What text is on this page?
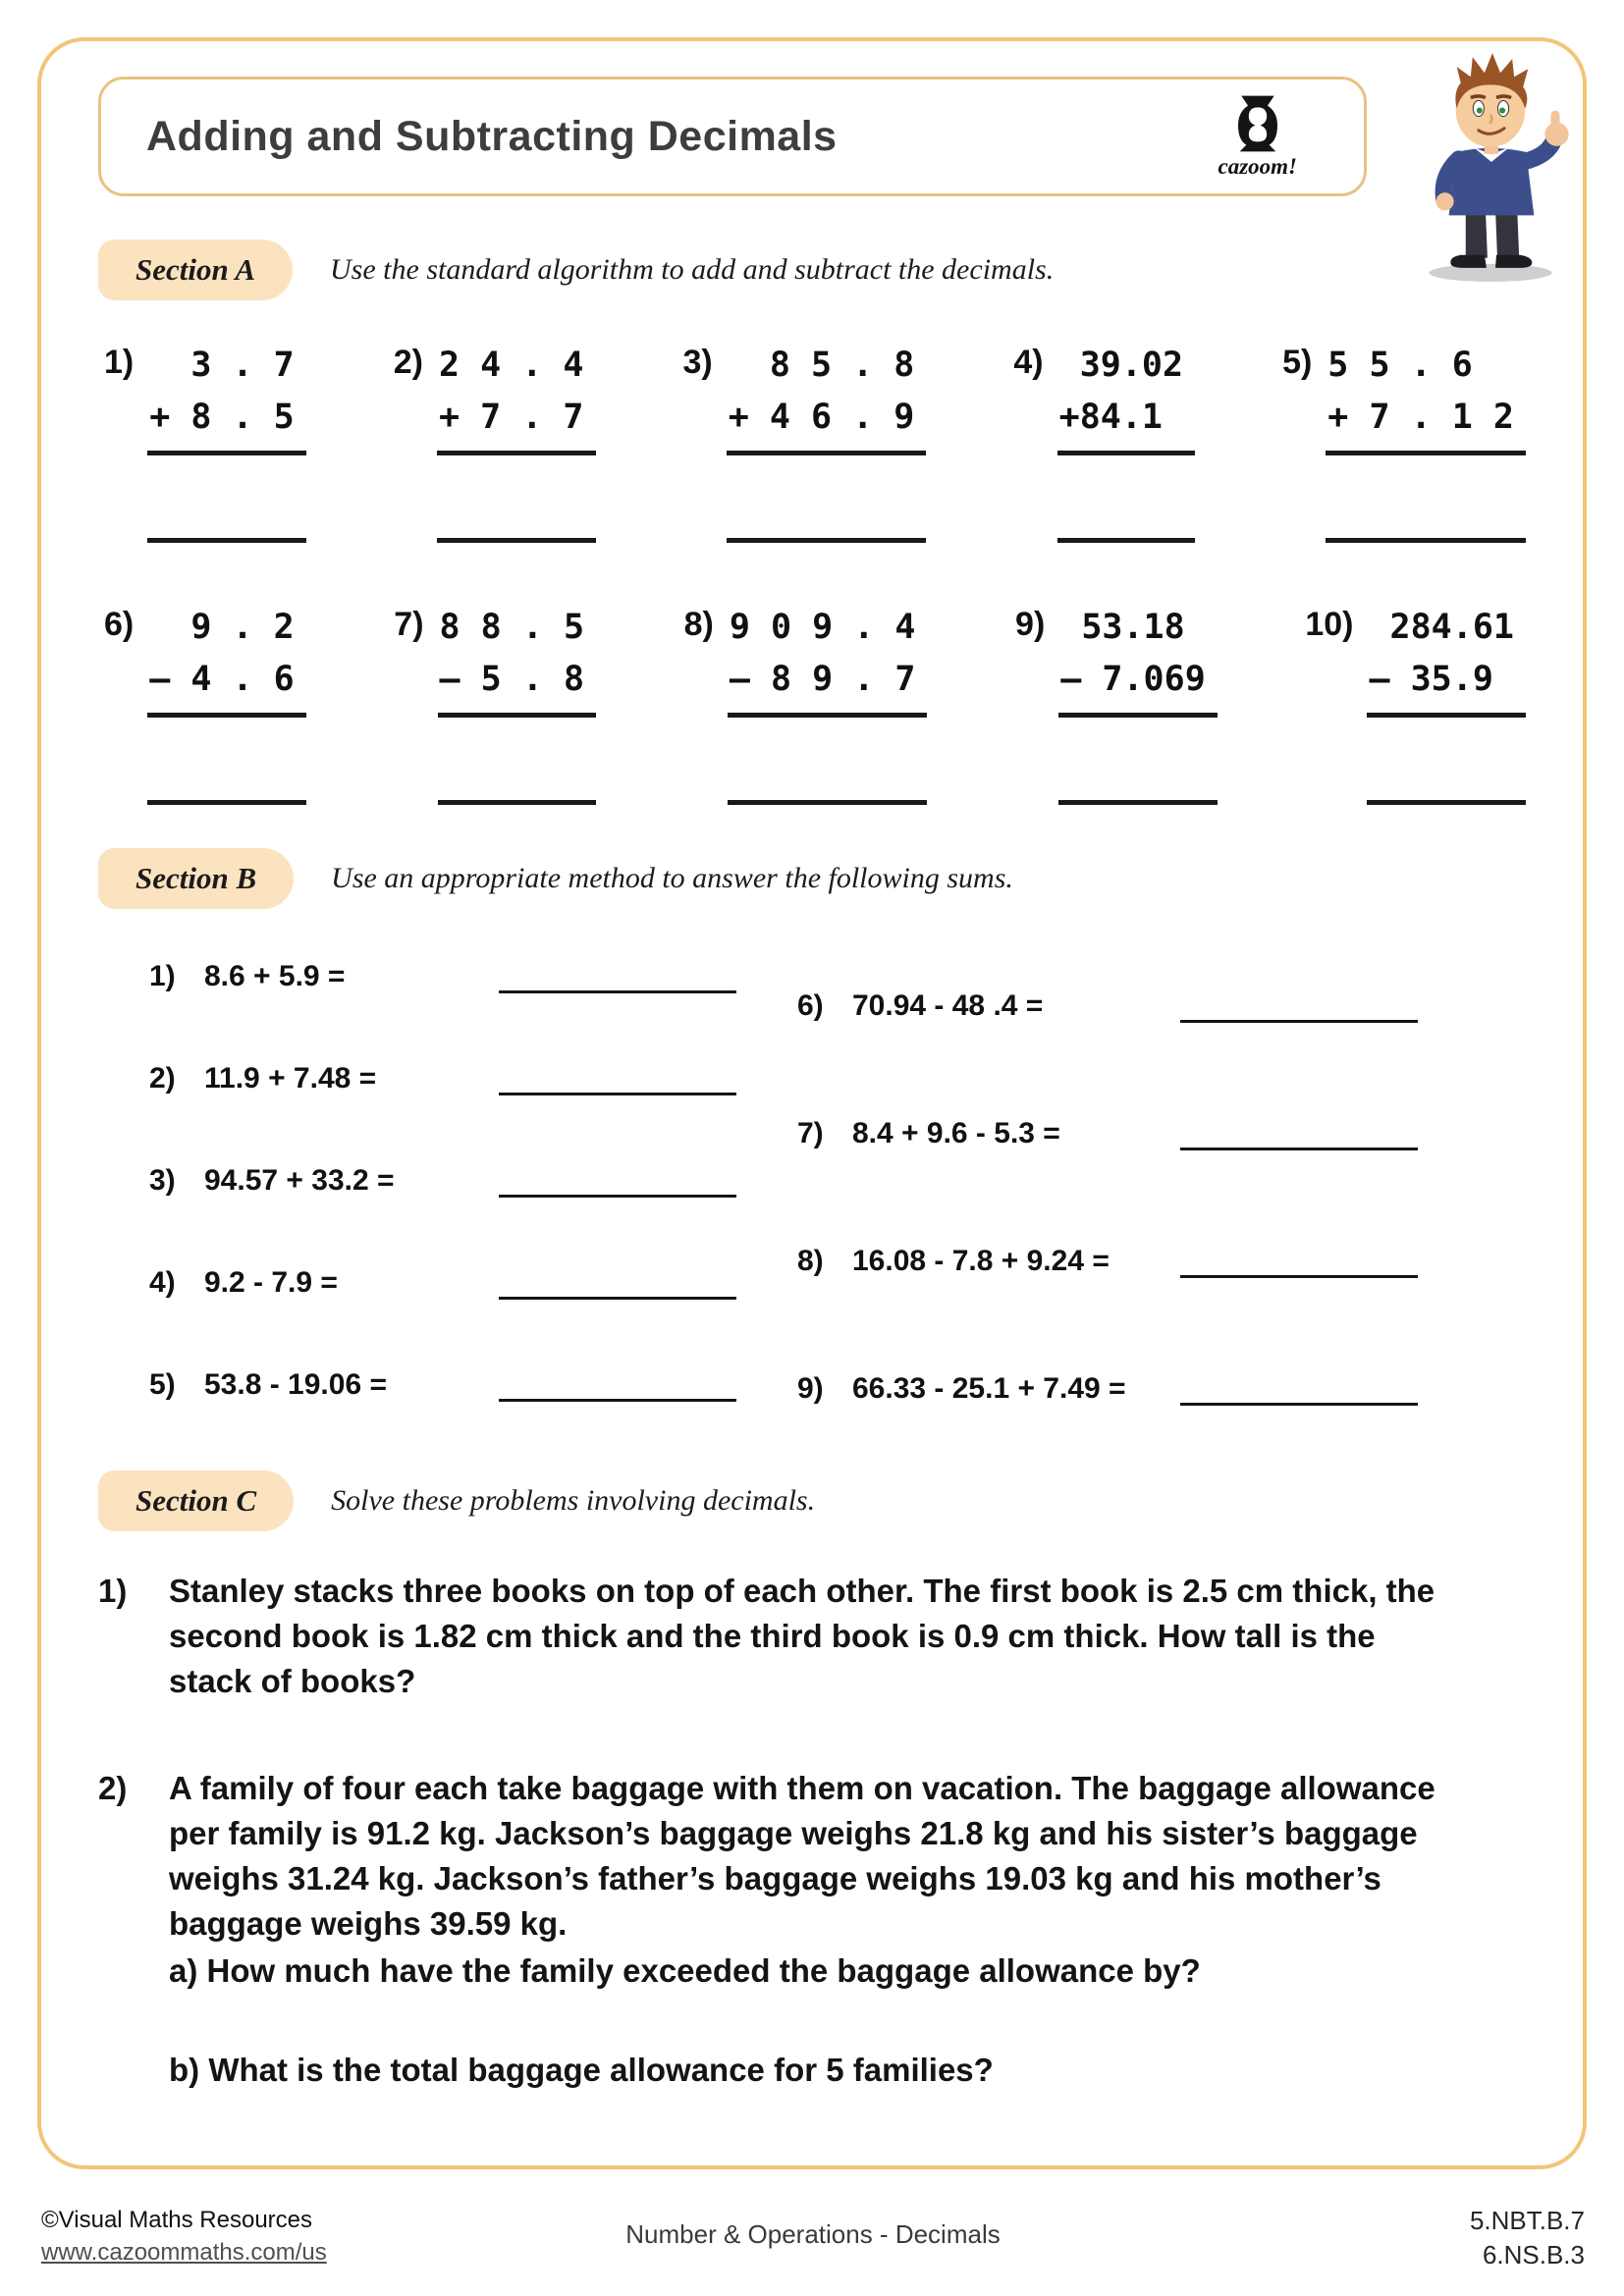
Adding and Subtracting Decimals
cazoom!
Section A	Use the standard algorithm to add and subtract the decimals.
1) 3 . 7
+ 8 . 5
2) 2 4 . 4
+ 7 . 7
3) 8 5 . 8
+ 4 6 . 9
4) 39.02
+84.1
5) 5 5 . 6
+ 7 . 1 2
6) 9 . 2
– 4 . 6
7) 8 8 . 5
– 5 . 8
8) 9 0 9 . 4
– 8 9 . 7
9) 53.18
– 7.069
10) 284.61
– 35.9
Section B	Use an appropriate method to answer the following sums.
1) 8.6 + 5.9 =
2) 11.9 + 7.48 =
3) 94.57 + 33.2 =
4) 9.2 - 7.9 =
5) 53.8 - 19.06 =
6) 70.94 - 48 .4 =
7) 8.4 + 9.6 - 5.3 =
8) 16.08 - 7.8 + 9.24 =
9) 66.33 - 25.1 + 7.49 =
Section C	Solve these problems involving decimals.
1)	Stanley stacks three books on top of each other. The first book is 2.5 cm thick, the second book is 1.82 cm thick and the third book is 0.9 cm thick. How tall is the stack of books?
2)	A family of four each take baggage with them on vacation. The baggage allowance per family is 91.2 kg. Jackson’s baggage weighs 21.8 kg and his sister’s baggage weighs 31.24 kg. Jackson’s father’s baggage weighs 19.03 kg and his mother’s baggage weighs 39.59 kg.
a) How much have the family exceeded the baggage allowance by?
b) What is the total baggage allowance for 5 families?
©Visual Maths Resources
www.cazoommaths.com/us
Number & Operations - Decimals	5.NBT.B.7
6.NS.B.3
